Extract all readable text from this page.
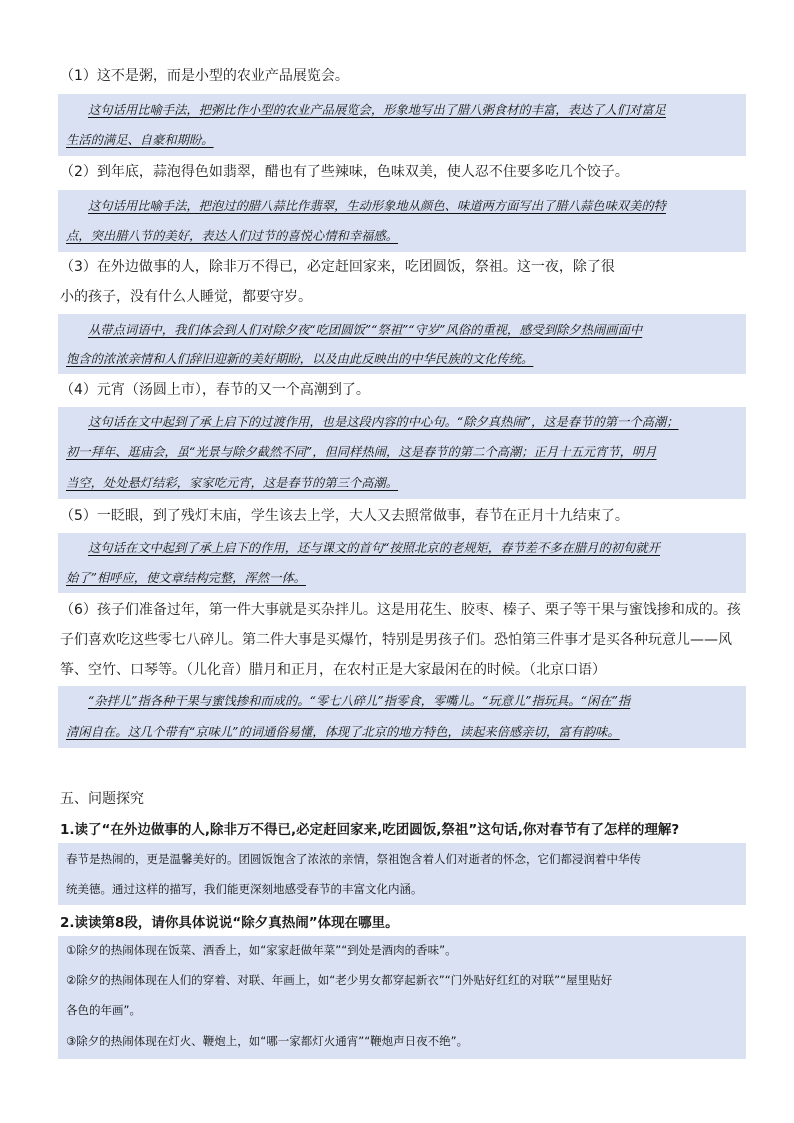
（1）这不是粥，而是小型的农业产品展览会。
这句话用比喻手法，把粥比作小型的农业产品展览会，形象地写出了腊八粥食材的丰富，表达了人们对富足
生活的满足、自豪和期盼。
（2）到年底，蒜泡得色如翡翠，醋也有了些辣味，色味双美，使人忍不住要多吃几个饺子。
这句话用比喻手法，把泡过的腊八蒜比作翡翠，生动形象地从颜色、味道两方面写出了腊八蒜色味双美的特
点，突出腊八节的美好，表达人们过节的喜悦心情和幸福感。
（3）在外边做事的人，除非万不得已，必定赶回家来，吃团圆饭，祭祖。这一夜，除了很
小的孩子，没有什么人睡觉，都要守岁。
从带点词语中，我们体会到人们对除夕夜“吃团圆饭”“祭祖”“守岁”风俗的重视，感受到除夕热闹画面中
饱含的浓浓亲情和人们辞旧迎新的美好期盼，以及由此反映出的中华民族的文化传统。
（4）元宵（汤圆上市），春节的又一个高潮到了。
这句话在文中起到了承上启下的过渡作用，也是这段内容的中心句。“除夕真热闹”，这是春节的第一个高潮；
初一拜年、逛庙会，虽“光景与除夕截然不同”，但同样热闹，这是春节的第二个高潮；正月十五元宵节，明月
当空，处处悬灯结彩，家家吃元宵，这是春节的第三个高潮。
（5）一眨眼，到了残灯末庙，学生该去上学，大人又去照常做事，春节在正月十九结束了。
这句话在文中起到了承上启下的作用，还与课文的首句“按照北京的老规矩，春节差不多在腊月的初旬就开
始了”相呼应，使文章结构完整，浑然一体。
（6）孩子们准备过年，第一件大事就是买杂拌儿。这是用花生、胶枣、榛子、栗子等干果与蜜饯掺和成的。孩
子们喜欢吃这些零七八碎儿。第二件大事是买爆竹，特别是男孩子们。恐怕第三件事才是买各种玩意儿——风
筝、空竹、口琴等。（儿化音）腊月和正月，在农村正是大家最闲在的时候。（北京口语）
“杂拌儿”指各种干果与蜜饯掺和而成的。“零七八碎儿”指零食，零嘴儿。“玩意儿”指玩具。“闲在”指
清闲自在。这几个带有“京味儿”的词通俗易懂，体现了北京的地方特色，读起来倍感亲切，富有韵味。
五、问题探究
1.读了“在外边做事的人,除非万不得已,必定赶回家来,吃团圆饭,祭祖”这句话,你对春节有了怎样的理解?
春节是热闹的，更是温馨美好的。团圆饭饱含了浓浓的亲情，祭祖饱含着人们对逝者的怀念，它们都浸润着中华传
统美德。通过这样的描写，我们能更深刻地感受春节的丰富文化内涵。
2.读读第8段，请你具体说说“除夕真热闹”体现在哪里。
①除夕的热闹体现在饭菜、酒香上，如“家家赶做年菜”“到处是酒肉的香味”。
②除夕的热闹体现在人们的穿着、对联、年画上，如“老少男女都穿起新衣”“门外贴好红红的对联”“屋里贴好
各色的年画”。
③除夕的热闹体现在灯火、鞭炮上，如“哪一家都灯火通宵”“鞭炮声日夜不绝”。
